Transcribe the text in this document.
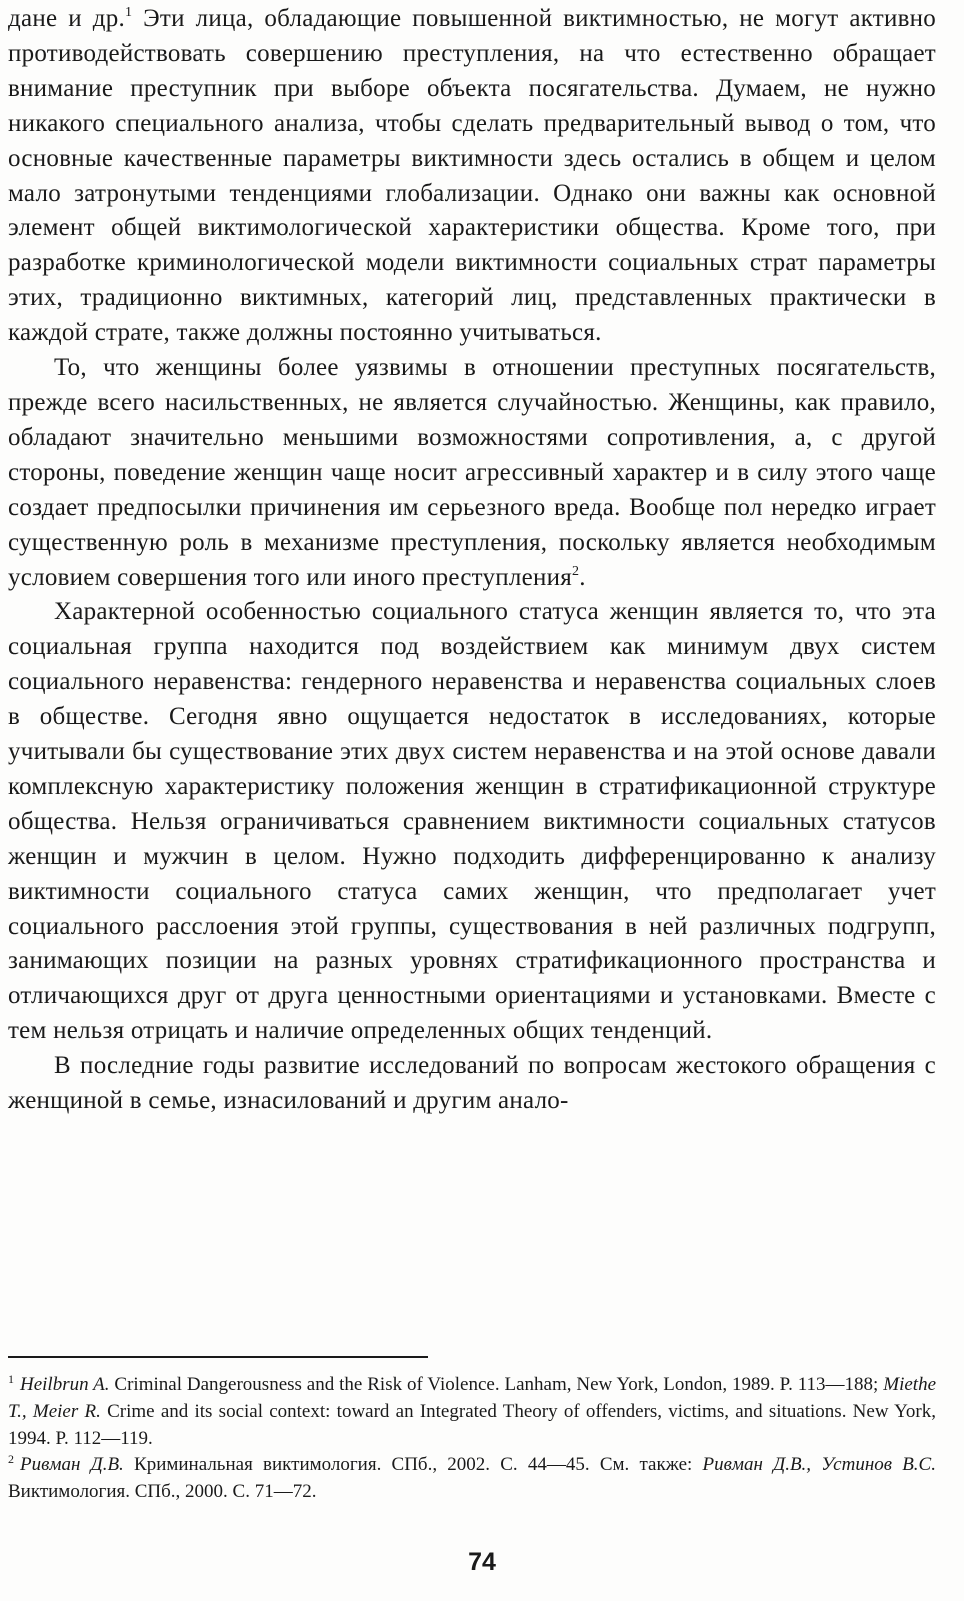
дане и др.$^1$ Эти лица, обладающие повышенной виктимностью, не могут активно противодействовать совершению преступления, на что естественно обращает внимание преступник при выборе объекта посягательства. Думаем, не нужно никакого специального анализа, чтобы сделать предварительный вывод о том, что основные качественные параметры виктимности здесь остались в общем и целом мало затронутыми тенденциями глобализации. Однако они важны как основной элемент общей виктимологической характеристики общества. Кроме того, при разработке криминологической модели виктимности социальных страт параметры этих, традиционно виктимных, категорий лиц, представленных практически в каждой страте, также должны постоянно учитываться.

То, что женщины более уязвимы в отношении преступных посягательств, прежде всего насильственных, не является случайностью. Женщины, как правило, обладают значительно меньшими возможностями сопротивления, а, с другой стороны, поведение женщин чаще носит агрессивный характер и в силу этого чаще создает предпосылки причинения им серьезного вреда. Вообще пол нередко играет существенную роль в механизме преступления, поскольку является необходимым условием совершения того или иного преступления$^2$.

Характерной особенностью социального статуса женщин является то, что эта социальная группа находится под воздействием как минимум двух систем социального неравенства: гендерного неравенства и неравенства социальных слоев в обществе. Сегодня явно ощущается недостаток в исследованиях, которые учитывали бы существование этих двух систем неравенства и на этой основе давали комплексную характеристику положения женщин в стратификационной структуре общества. Нельзя ограничиваться сравнением виктимности социальных статусов женщин и мужчин в целом. Нужно подходить дифференцированно к анализу виктимности социального статуса самих женщин, что предполагает учет социального расслоения этой группы, существования в ней различных подгрупп, занимающих позиции на разных уровнях стратификационного пространства и отличающихся друг от друга ценностными ориентациями и установками. Вместе с тем нельзя отрицать и наличие определенных общих тенденций.

В последние годы развитие исследований по вопросам жестокого обращения с женщиной в семье, изнасилований и другим анало-

$^1$ Heilbrun A. Criminal Dangerousness and the Risk of Violence. Lanham, New York, London, 1989. P. 113—188; Miethe T., Meier R. Crime and its social context: toward an Integrated Theory of offenders, victims, and situations. New York, 1994. P. 112—119.

$^2$ Ривман Д.В. Криминальная виктимология. СПб., 2002. С. 44—45. См. также: Ривман Д.В., Устинов В.С. Виктимология. СПб., 2000. С. 71—72.

74
